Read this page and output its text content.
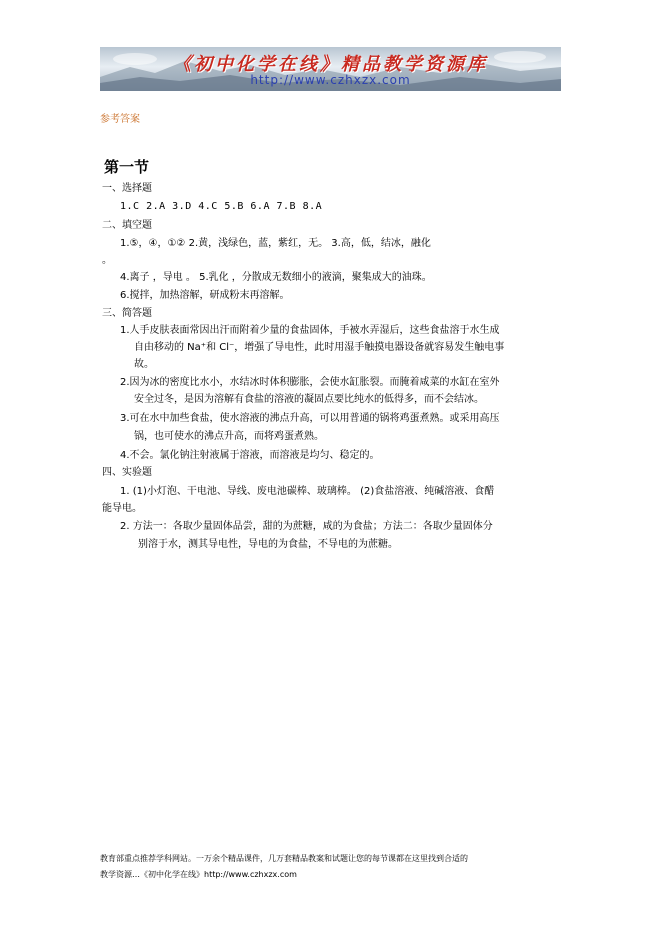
《初中化学在线》精品教学资源库
http://www.czhxzx.com
参考答案
第一节
一、选择题
1.C 2.A 3.D 4.C 5.B 6.A 7.B 8.A
二、填空题
1.⑤，④，①② 2.黄，浅绿色，蓝，紫红，无。 3.高，低，结冰，融化
。
4.离子 ，导电 。 5.乳化 ，分散成无数细小的液滴，聚集成大的油珠。
6.搅拌，加热溶解，研成粉末再溶解。
三、简答题
1.人手皮肤表面常因出汗而附着少量的食盐固体，手被水弄湿后，这些食盐溶于水生成
自由移动的 Na⁺和 Cl⁻，增强了导电性，此时用湿手触摸电器设备就容易发生触电事
故。
2.因为冰的密度比水小，水结冰时体积膨胀，会使水缸胀裂。而腌着咸菜的水缸在室外
安全过冬，是因为溶解有食盐的溶液的凝固点要比纯水的低得多，而不会结冰。
3.可在水中加些食盐，使水溶液的沸点升高，可以用普通的锅将鸡蛋煮熟。或采用高压
锅，也可使水的沸点升高，而将鸡蛋煮熟。
4.不会。氯化钠注射液属于溶液，而溶液是均匀、稳定的。
四、实验题
1. (1)小灯泡、干电池、导线、废电池碳棒、玻璃棒。 (2)食盐溶液、纯碱溶液、食醋
能导电。
2. 方法一：各取少量固体品尝，甜的为蔗糖，咸的为食盐；方法二：各取少量固体分
别溶于水，测其导电性，导电的为食盐，不导电的为蔗糖。
教育部重点推荐学科网站。一万余个精品课件，几万套精品教案和试题让您的每节课都在这里找到合适的
教学资源…《初中化学在线》http://www.czhxzx.com
